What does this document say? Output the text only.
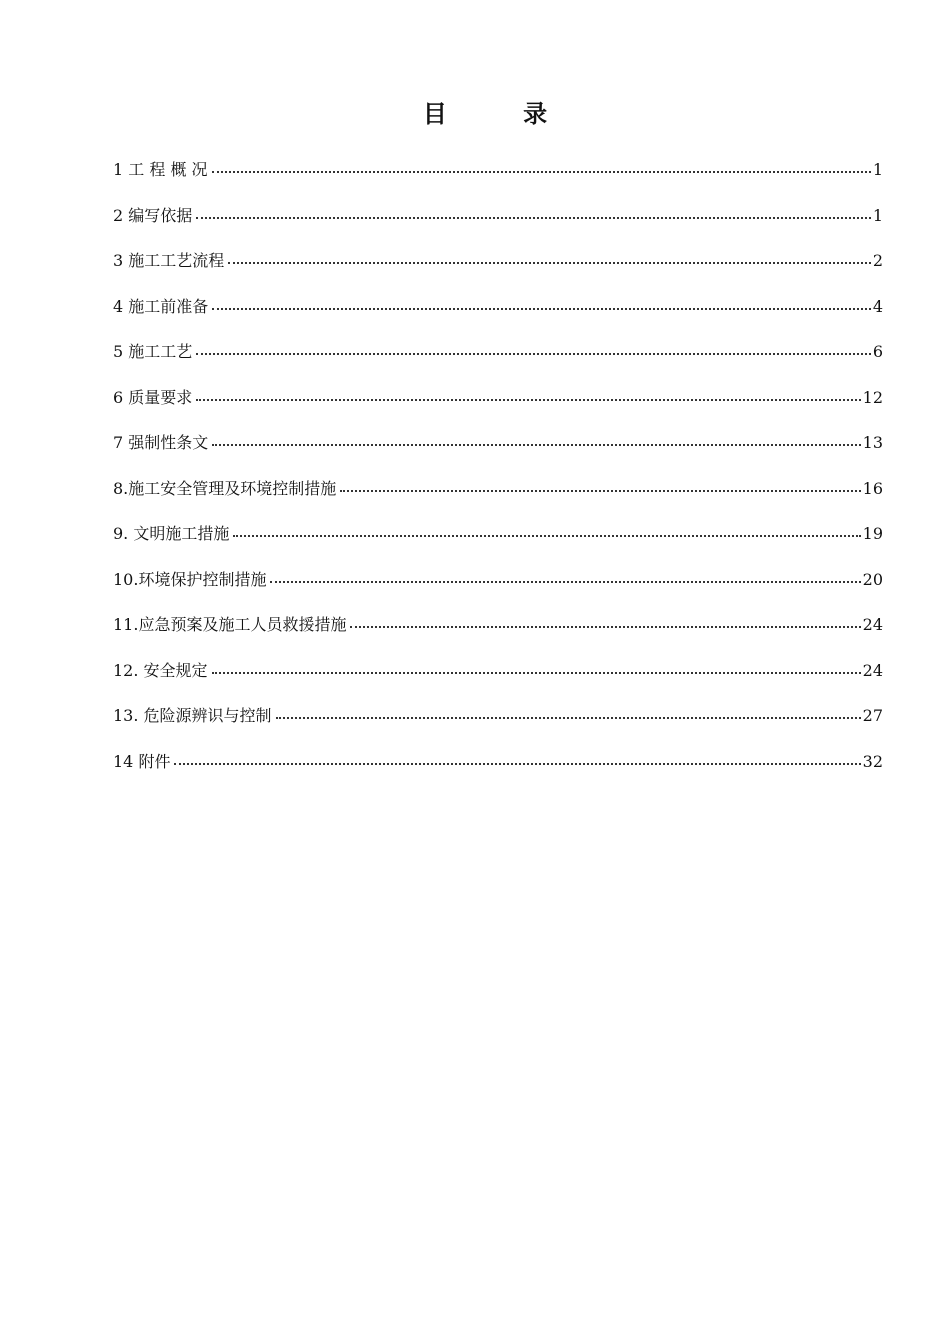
目 录
1 工 程 概 况	1
2 编写依据	1
3 施工工艺流程	2
4 施工前准备	4
5 施工工艺	6
6 质量要求	12
7 强制性条文	13
8.施工安全管理及环境控制措施	16
9. 文明施工措施	19
10.环境保护控制措施	20
11.应急预案及施工人员救援措施	24
12. 安全规定	24
13. 危险源辨识与控制	27
14 附件	32
